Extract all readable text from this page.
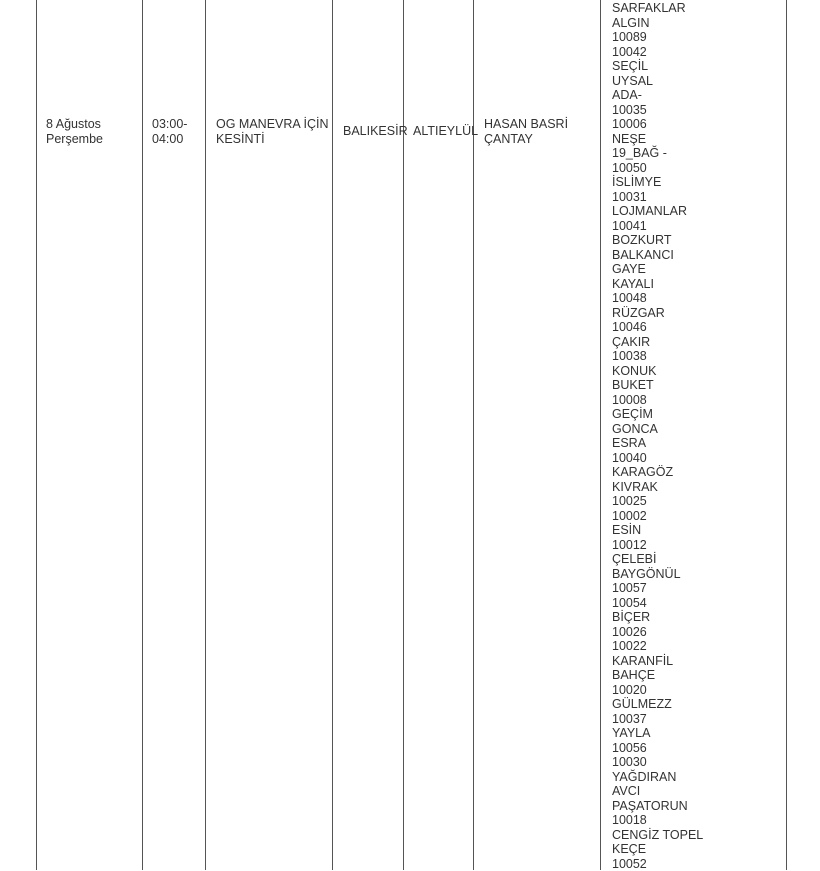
8 Ağustos
Perşembe
03:00-
04:00
OG MANEVRA İÇİN
KESİNTİ
BALIKESİR ALTIEYLÜL HASAN BASRİ
ÇANTAY
SARFAKLAR
ALGIN
10089
10042
SEÇİL
UYSAL
ADA-
10035
10006
NEŞE
19_BAĞ -
10050
İSLİMYE
10031
LOJMANLAR
10041
BOZKURT
BALKANCI
GAYE
KAYALI
10048
RÜZGAR
10046
ÇAKIR
10038
KONUK
BUKET
10008
GEÇİM
GONCA
ESRA
10040
KARAGÖZ
KIVRAK
10025
10002
ESİN
10012
ÇELEBİ
BAYGÖNÜL
10057
10054
BİÇER
10026
10022
KARANFİL
BAHÇE
10020
GÜLMEZZ
10037
YAYLA
10056
10030
YAĞDIRAN
AVCI
PAŞATORUN
10018
CENGİZ TOPEL
KEÇE
10052
